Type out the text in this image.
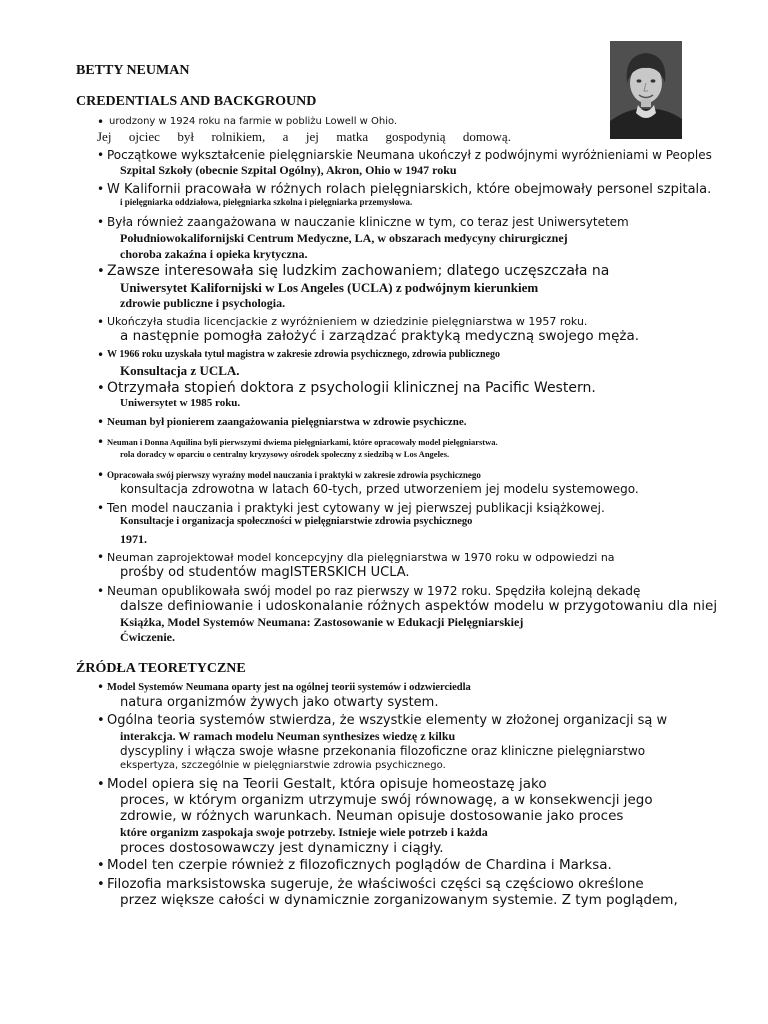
BETTY NEUMAN
CREDENTIALS AND BACKGROUND
• urodzony w 1924 roku na farmie w pobliżu Lowell w Ohio.

Jej ojciec był rolnikiem, a jej matka gospodynią domową.
• Początkowe wykształcenie pielęgniarskie Neumana ukończył z podwójnymi wyróżnieniami w Peoples

Szpital Szkoły (obecnie Szpital Ogólny), Akron, Ohio w 1947 roku

• W Kalifornii pracowała w różnych rolach pielęgniarskich, które obejmowały personel szpitala.

i pielęgniarka oddziałowa, pielęgniarka szkolna i pielęgniarka przemysłowa.

• Była również zaangażowana w nauczanie kliniczne w tym, co teraz jest Uniwersytetem

Południowokalifornijski Centrum Medyczne, LA, w obszarach medycyny chirurgicznej

choroba zakaźna i opieka krytyczna.

• Zawsze interesowała się ludzkim zachowaniem; dlatego uczęszczała na

Uniwersytet Kalifornijski w Los Angeles (UCLA) z podwójnym kierunkiem

zdrowie publiczne i psychologia.

• Ukończyła studia licencjackie z wyróżnieniem w dziedzinie pielęgniarstwa w 1957 roku.

a następnie pomogła założyć i zarządzać praktyką medyczną swojego męża.

• W 1966 roku uzyskała tytuł magistra w zakresie zdrowia psychicznego, zdrowia publicznego

Konsultacja z UCLA.

• Otrzymała stopień doktora z psychologii klinicznej na Pacific Western.

Uniwersytet w 1985 roku.

• Neuman był pionierem zaangażowania pielęgniarstwa w zdrowie psychiczne.

• Neuman i Donna Aquilina byli pierwszymi dwiema pielęgniarkami, które opracowały model pielęgniarstwa.

rola doradcy w oparciu o centralny kryzysowy ośrodek społeczny z siedzibą w Los Angeles.

• Opracowała swój pierwszy wyraźny model nauczania i praktyki w zakresie zdrowia psychicznego

konsultacja zdrowotna w latach 60-tych, przed utworzeniem jej modelu systemowego.

• Ten model nauczania i praktyki jest cytowany w jej pierwszej publikacji książkowej.

Konsultacje i organizacja społeczności w pielęgniarstwie zdrowia psychicznego

1971.

• Neuman zaprojektował model koncepcyjny dla pielęgniarstwa w 1970 roku w odpowiedzi na

prośby od studentów magISTERSKICH UCLA.

• Neuman opublikowała swój model po raz pierwszy w 1972 roku. Spędziła kolejną dekadę

dalsze definiowanie i udoskonalanie różnych aspektów modelu w przygotowaniu dla niej

Książka, Model Systemów Neumana: Zastosowanie w Edukacji Pielęgniarskiej

Ćwiczenie.

ŹRÓDŁA TEORETYCZNE
• Model Systemów Neumana oparty jest na ogólnej teorii systemów i odzwierciedla

natura organizmów żywych jako otwarty system.

• Ogólna teoria systemów stwierdza, że wszystkie elementy w złożonej organizacji są w

interakcja. W ramach modelu Neuman synthesizes wiedzę z kilku

dyscypliny i włącza swoje własne przekonania filozoficzne oraz kliniczne pielęgniarstwo

ekspertyza, szczególnie w pielęgniarstwie zdrowia psychicznego.

• Model opiera się na Teorii Gestalt, która opisuje homeostazę jako

proces, w którym organizm utrzymuje swój równowagę, a w konsekwencji jego

zdrowie, w różnych warunkach. Neuman opisuje dostosowanie jako proces

które organizm zaspokaja swoje potrzeby. Istnieje wiele potrzeb i każda

proces dostosowawczy jest dynamiczny i ciągły.

• Model ten czerpie również z filozoficznych poglądów de Chardina i Marksa.

• Filozofia marksistowska sugeruje, że właściwości części są częściowo określone

przez większe całości w dynamicznie zorganizowanym systemie. Z tym poglądem,
